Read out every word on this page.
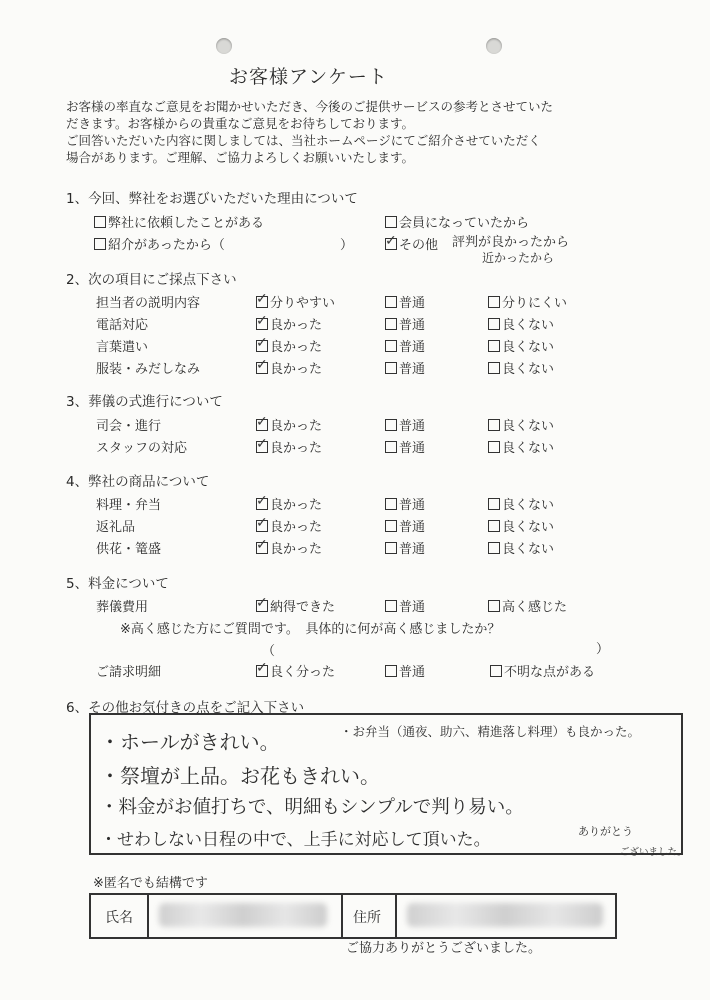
お客様アンケート
お客様の率直なご意見をお聞かせいただき、今後のご提供サービスの参考とさせていた
だきます。お客様からの貴重なご意見をお待ちしております。
ご回答いただいた内容に関しましては、当社ホームページにてご紹介させていただく
場合があります。ご理解、ご協力よろしくお願いいたします。
1、今回、弊社をお選びいただいた理由について
弊社に依頼したことがある	会員になっていたから
紹介があったから（	） ✓ その他 評判が良かったから
近かったから
2、次の項目にご採点下さい
担当者の説明内容	✓ 分りやすい	普通	分りにくい
電話対応	✓ 良かった	普通	良くない
言葉遣い	✓ 良かった	普通	良くない
服装・みだしなみ	✓ 良かった	普通	良くない
3、葬儀の式進行について
司会・進行	✓ 良かった	普通	良くない
スタッフの対応	✓ 良かった	普通	良くない
4、弊社の商品について
料理・弁当	✓ 良かった	普通	良くない
返礼品	✓ 良かった	普通	良くない
供花・篭盛	✓ 良かった	普通	良くない
5、料金について
葬儀費用	✓ 納得できた	普通	高く感じた
※高く感じた方にご質問です。　具体的に何が高く感じましたか？
（	）
ご請求明細	✓ 良く分った	普通	不明な点がある
6、その他お気付きの点をご記入下さい
・ホールがきれい。	・お弁当（通夜、助六、精進落し料理）も良かった。
・祭壇が上品。お花もきれい。
・料金がお値打ちで、明細もシンプルで判り易い。
・せわしない日程の中で、上手に対応して頂いた。	ありがとう
ございました。
※匿名でも結構です
氏名	住所
ご協力ありがとうございました。
